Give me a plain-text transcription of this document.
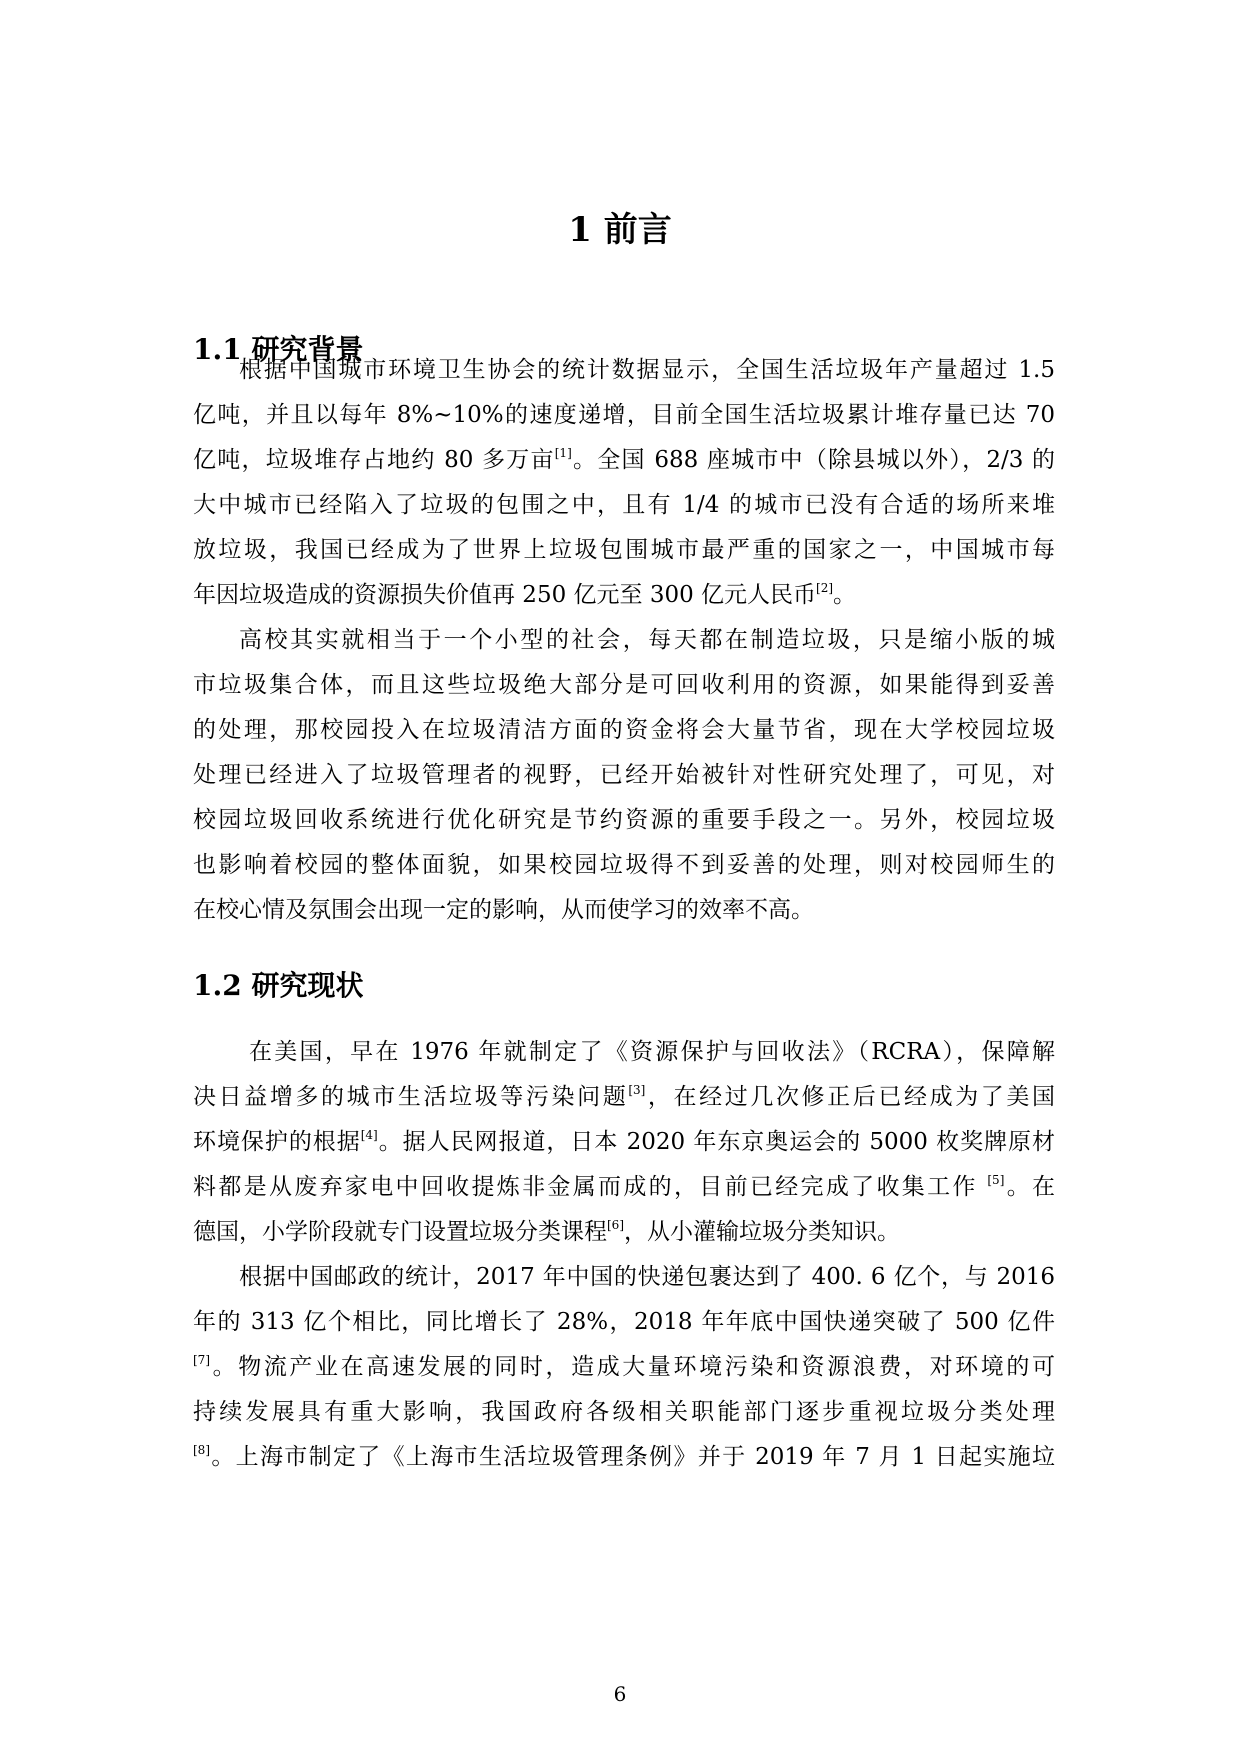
1 前言
1.1 研究背景
根据中国城市环境卫生协会的统计数据显示，全国生活垃圾年产量超过 1.5
亿吨，并且以每年 8%~10%的速度递增，目前全国生活垃圾累计堆存量已达 70
亿吨，垃圾堆存占地约 80 多万亩[1]。全国 688 座城市中（除县城以外），2/3 的
大中城市已经陷入了垃圾的包围之中，且有 1/4 的城市已没有合适的场所来堆
放垃圾，我国已经成为了世界上垃圾包围城市最严重的国家之一，中国城市每
年因垃圾造成的资源损失价值再 250 亿元至 300 亿元人民币[2]。
高校其实就相当于一个小型的社会，每天都在制造垃圾，只是缩小版的城
市垃圾集合体，而且这些垃圾绝大部分是可回收利用的资源，如果能得到妥善
的处理，那校园投入在垃圾清洁方面的资金将会大量节省，现在大学校园垃圾
处理已经进入了垃圾管理者的视野，已经开始被针对性研究处理了，可见，对
校园垃圾回收系统进行优化研究是节约资源的重要手段之一。另外，校园垃圾
也影响着校园的整体面貌，如果校园垃圾得不到妥善的处理，则对校园师生的
在校心情及氛围会出现一定的影响，从而使学习的效率不高。
1.2 研究现状
在美国，早在 1976 年就制定了《资源保护与回收法》（RCRA），保障解
决日益增多的城市生活垃圾等污染问题[3]，在经过几次修正后已经成为了美国
环境保护的根据[4]。据人民网报道，日本 2020 年东京奥运会的 5000 枚奖牌原材
料都是从废弃家电中回收提炼非金属而成的，目前已经完成了收集工作 [5]。在
德国，小学阶段就专门设置垃圾分类课程[6]，从小灌输垃圾分类知识。
根据中国邮政的统计，2017 年中国的快递包裹达到了 400. 6 亿个，与 2016
年的 313 亿个相比，同比增长了 28%，2018 年年底中国快递突破了 500 亿件
[7]。物流产业在高速发展的同时，造成大量环境污染和资源浪费，对环境的可
持续发展具有重大影响，我国政府各级相关职能部门逐步重视垃圾分类处理
[8]。上海市制定了《上海市生活垃圾管理条例》并于 2019 年 7 月 1 日起实施垃
6
